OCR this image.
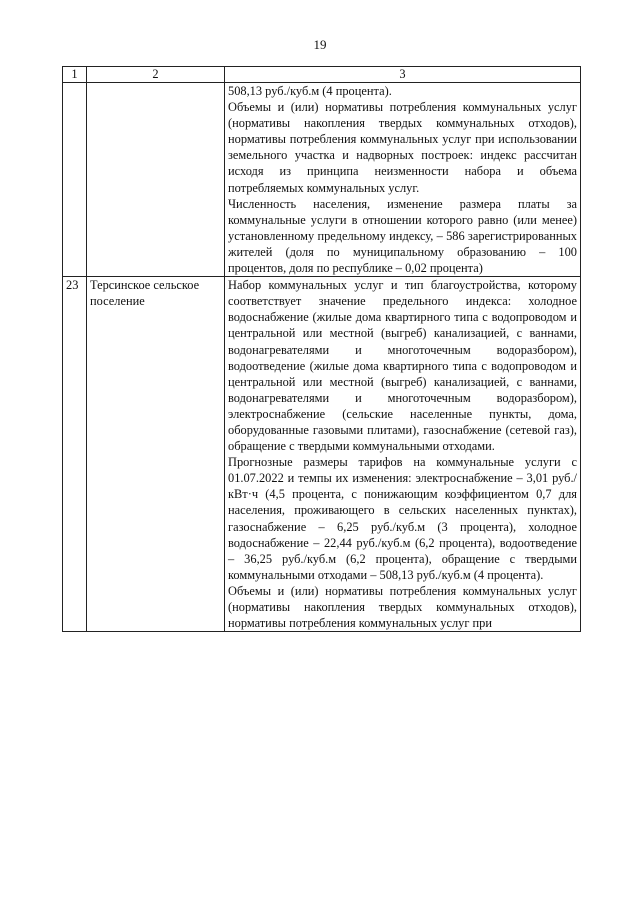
19
1	2	3

		508,13 руб./куб.м (4 процента).

Объемы и (или) нормативы потребления коммунальных услуг (нормативы накопления твердых коммунальных отходов), нормативы потребления коммунальных услуг при использовании земельного участка и надворных построек: индекс рассчитан исходя из принципа неизменности набора и объема потребляемых коммунальных услуг.

Численность населения, изменение размера платы за коммунальные услуги в отношении которого равно (или менее) установленному предельному индексу, – 586 зарегистрированных жителей (доля по муниципальному образованию – 100 процентов, доля по республике – 0,02 процента)

23	Терсинское сельское поселение	Набор коммунальных услуг и тип благоустройства, которому соответствует значение предельного индекса: холодное водоснабжение (жилые дома квартирного типа с водопроводом и центральной или местной (выгреб) канализацией, с ваннами, водонагревателями и многоточечным водоразбором), водоотведение (жилые дома квартирного типа с водопроводом и центральной или местной (выгреб) канализацией, с ваннами, водонагревателями и многоточечным водоразбором), электроснабжение (сельские населенные пункты, дома, оборудованные газовыми плитами), газоснабжение (сетевой газ), обращение с твердыми коммунальными отходами.

Прогнозные размеры тарифов на коммунальные услуги с 01.07.2022 и темпы их изменения: электроснабжение – 3,01 руб./кВт·ч (4,5 процента, с понижающим коэффициентом 0,7 для населения, проживающего в сельских населенных пунктах), газоснабжение – 6,25 руб./куб.м (3 процента), холодное водоснабжение – 22,44 руб./куб.м (6,2 процента), водоотведение – 36,25 руб./куб.м (6,2 процента), обращение с твердыми коммунальными отходами – 508,13 руб./куб.м (4 процента).

Объемы и (или) нормативы потребления коммунальных услуг (нормативы накопления твердых коммунальных отходов), нормативы потребления коммунальных услуг при
